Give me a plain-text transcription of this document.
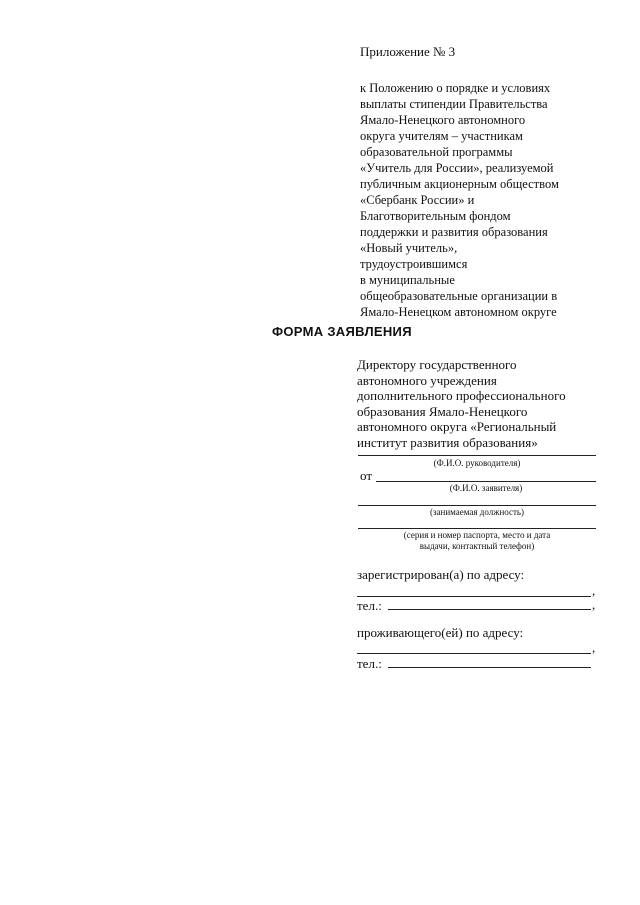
Приложение № 3
к Положению о порядке и условиях
выплаты стипендии Правительства
Ямало-Ненецкого автономного
округа учителям – участникам
образовательной программы
«Учитель для России», реализуемой
публичным акционерным обществом
«Сбербанк России» и
Благотворительным фондом
поддержки и развития образования
«Новый учитель»,
трудоустроившимся
в муниципальные
общеобразовательные организации в
Ямало-Ненецком автономном округе
ФОРМА ЗАЯВЛЕНИЯ
Директору государственного
автономного учреждения
дополнительного профессионального
образования Ямало-Ненецкого
автономного округа «Региональный
институт развития образования»
(Ф.И.О. руководителя)
от
(Ф.И.О. заявителя)
(занимаемая должность)
(серия и номер паспорта, место и дата
выдачи, контактный телефон)
зарегистрирован(а) по адресу:
,
тел.:	,
проживающего(ей) по адресу:
,
тел.:
